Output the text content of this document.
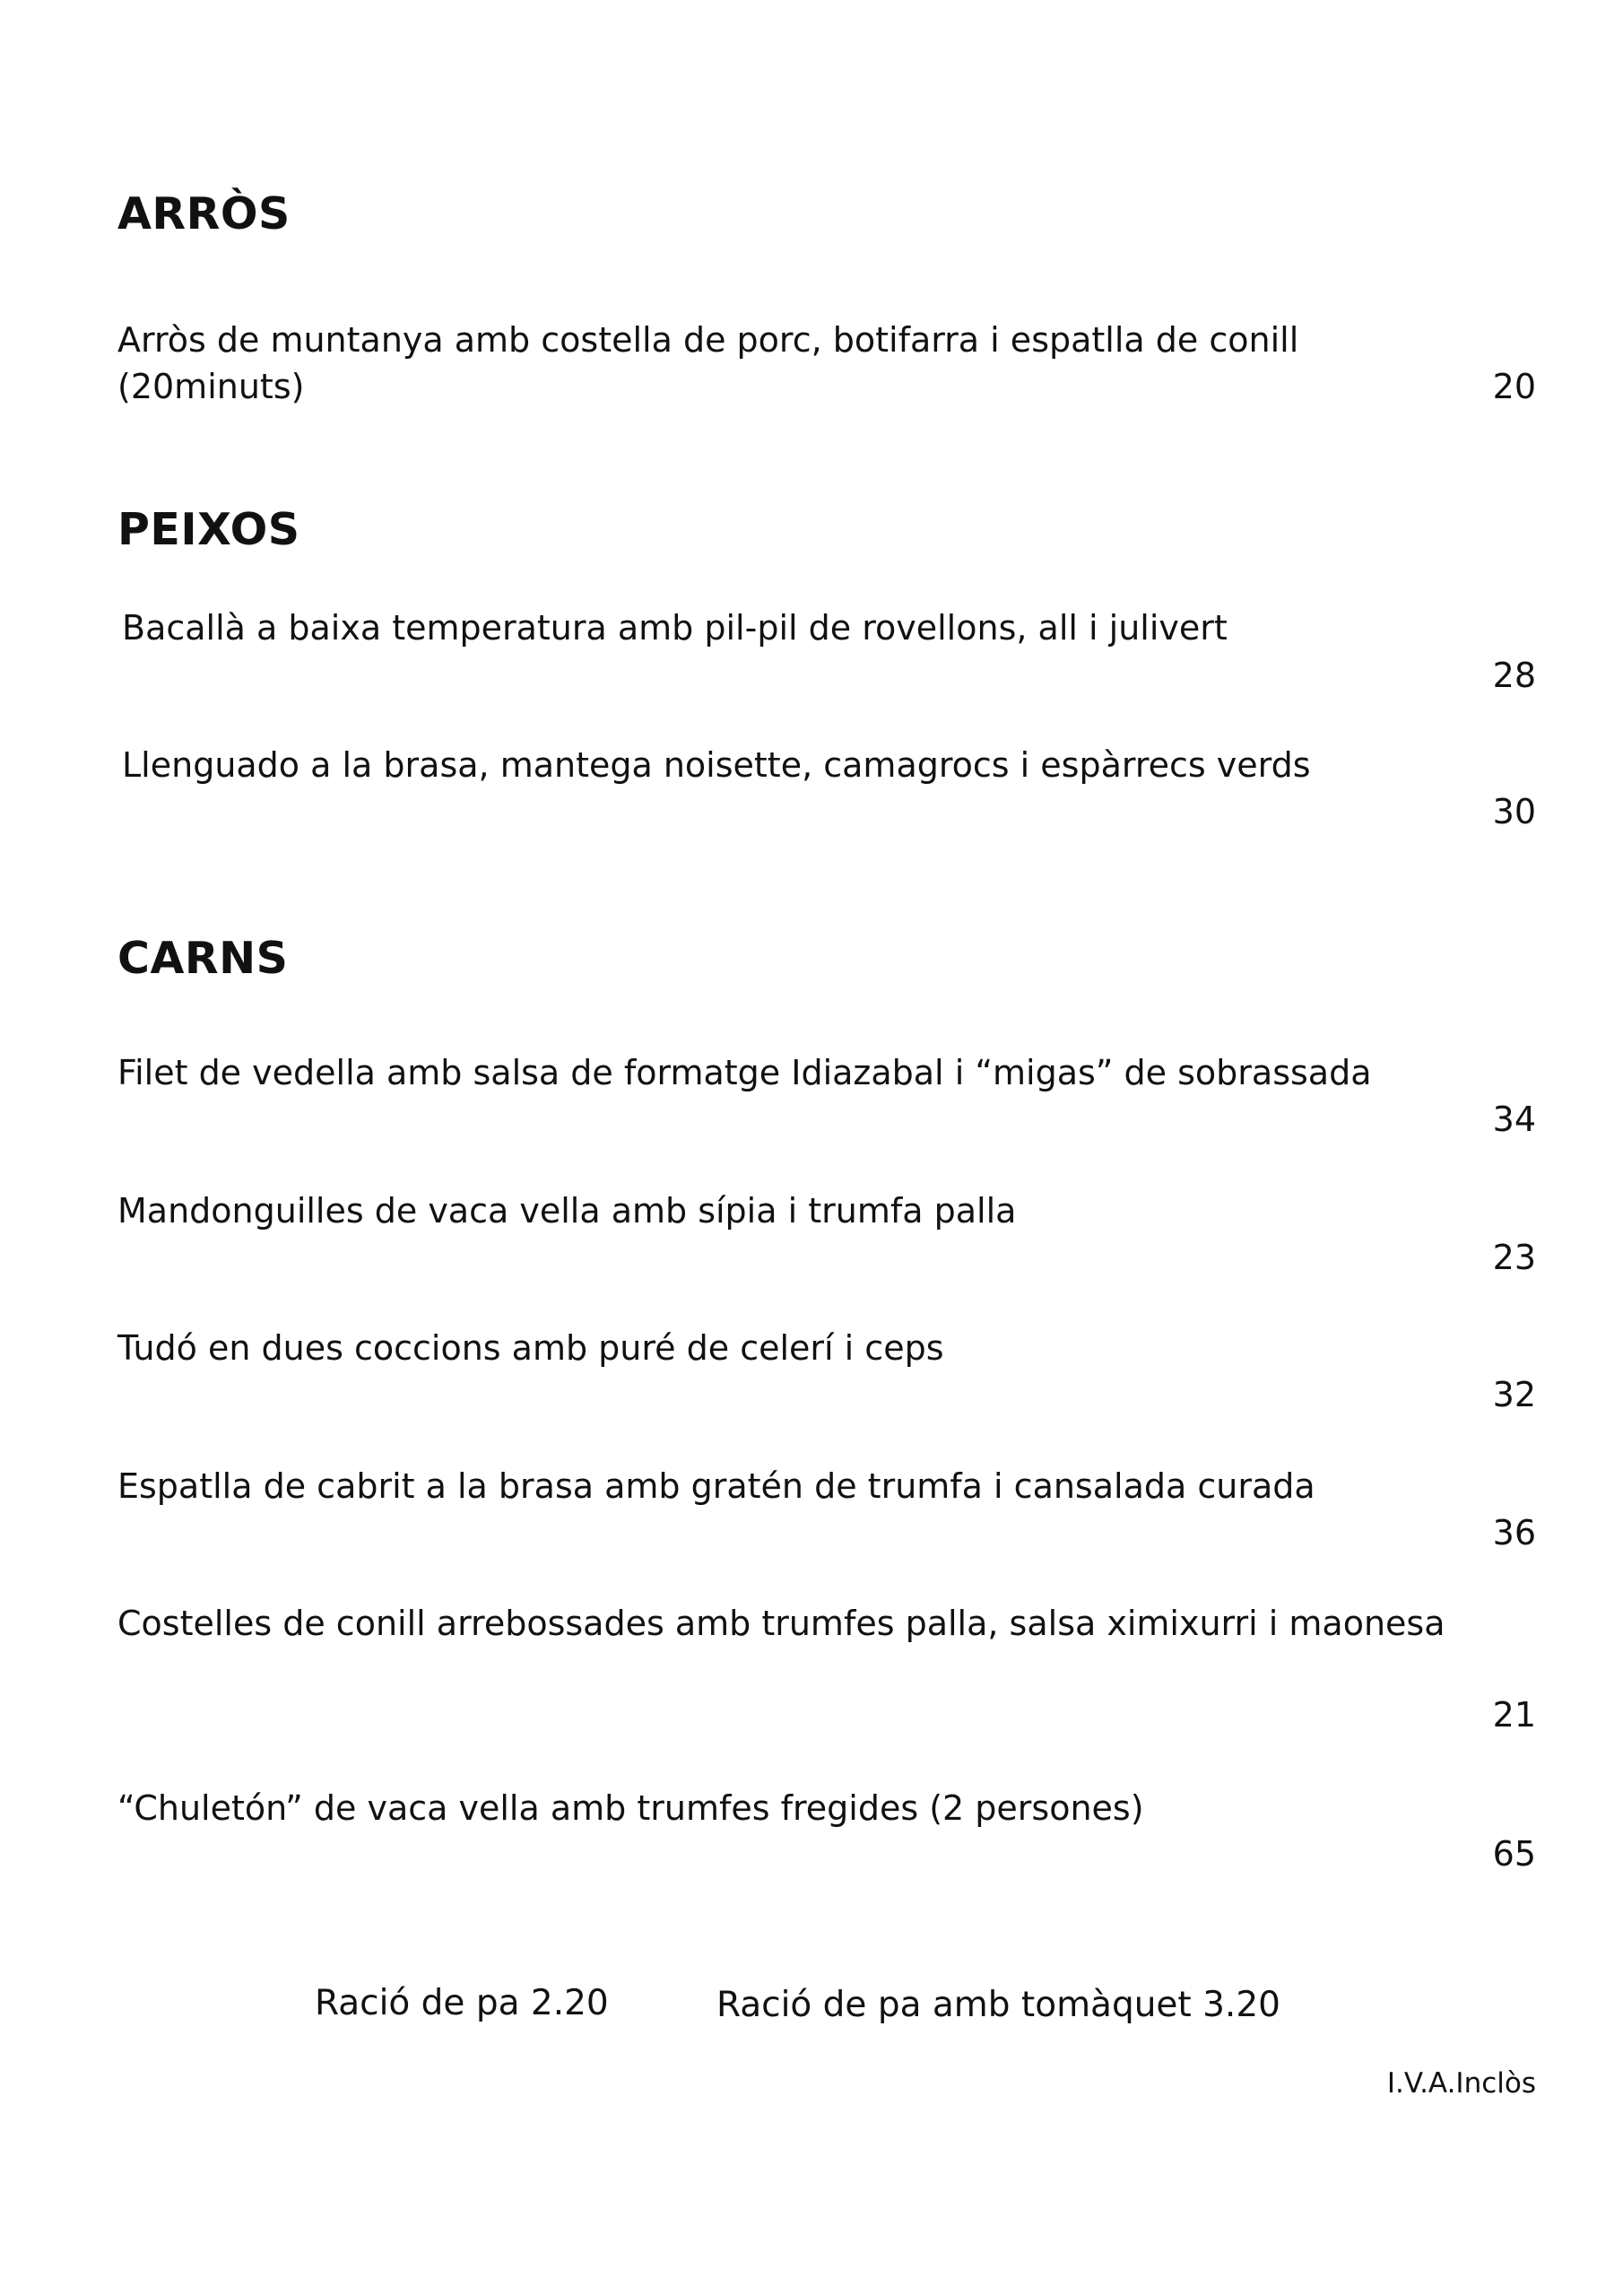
ARRÒS

Arròs de muntanya amb costella de porc, botifarra i espatlla de conill

(20minuts)	20

PEIXOS

Bacallà a baixa temperatura amb pil-pil de rovellons, all i julivert

28

Llenguado a la brasa, mantega noisette, camagrocs i espàrrecs verds

30

CARNS

Filet de vedella amb salsa de formatge Idiazabal i “migas” de sobrassada

34

Mandonguilles de vaca vella amb sípia i trumfa palla

23

Tudó en dues coccions amb puré de celerí i ceps

32

Espatlla de cabrit a la brasa amb gratén de trumfa i cansalada curada

36

Costelles de conill arrebossades amb trumfes palla, salsa ximixurri i maonesa

21

“Chuletón” de vaca vella amb trumfes fregides (2 persones)

65

Ració de pa 2.20	Ració de pa amb tomàquet 3.20

I.V.A.Inclòs
